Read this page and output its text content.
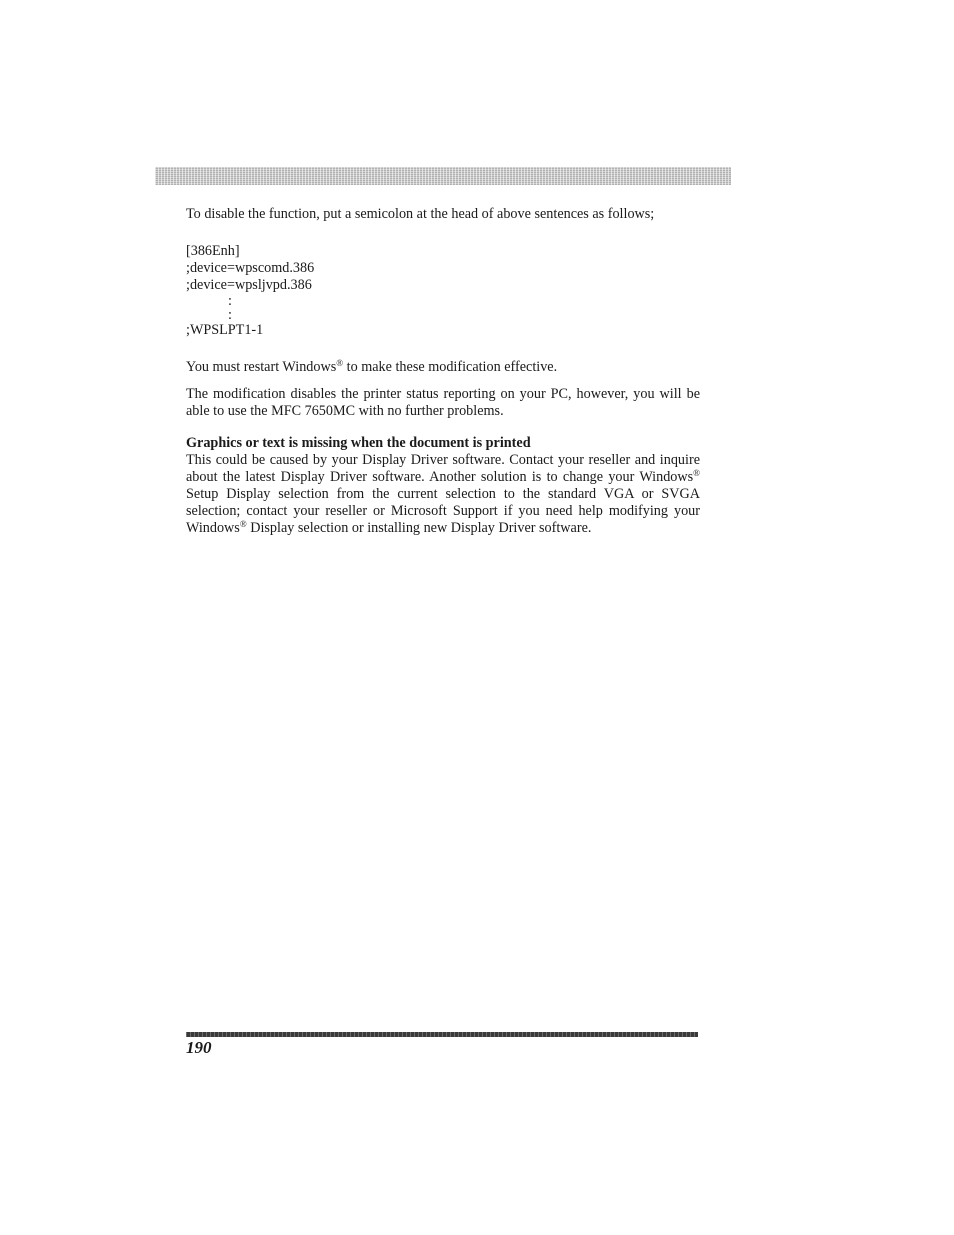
To disable the function, put a semicolon at the head of above sentences as follows;

[386Enh]
;device=wpscomd.386
;device=wpsljvpd.386
:
:
;WPSLPT1-1

You must restart Windows® to make these modification effective.

The modification disables the printer status reporting on your PC, however, you will be able to use the MFC 7650MC with no further problems.

Graphics or text is missing when the document is printed

This could be caused by your Display Driver software. Contact your reseller and inquire about the latest Display Driver software. Another solution is to change your Windows® Setup Display selection from the current selection to the standard VGA or SVGA selection; contact your reseller or Microsoft Support if you need help modifying your Windows® Display selection or installing new Display Driver software.

190
